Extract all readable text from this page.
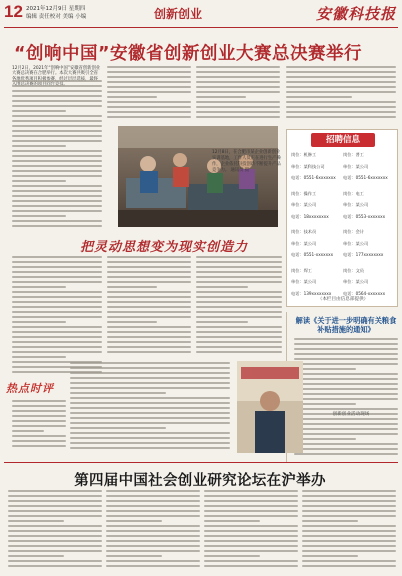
12 2021年12月9日 星期四
编辑 责任校对 美编 小编	创新创业	安徽科技报
“创响中国”安徽省创新创业大赛总决赛举行
12月2日，2021年“创响中国”安徽省创新创业大赛总决赛在合肥举行。本次大赛共吸引全省
12月8日，在合肥市某企业创新创业实训基地，工作人员正在进行生产操作，企业依托科技创新不断提升产品竞争力。 通讯员 摄
招聘信息
岗位：机修工	岗位：普工
单位：某科技公司	单位：某公司
电话：0551-6xxxxxxx 电话：0551-6xxxxxxx
岗位：操作工	岗位：电工
单位：某公司	单位：某公司
电话：18xxxxxxxx	电话：0553-xxxxxxx
岗位：技术员	岗位：会计
单位：某公司	单位：某公司
电话：0551-xxxxxxx 电话：177xxxxxxxx
岗位：焊工	岗位：文员
单位：某公司	单位：某公司
电话：139xxxxxxxx	电话：0564-xxxxxxx
（本栏目由信息部提供）
解读《关于进一步明确有关粮食补贴措施的通知》
把灵动思想变为现实创造力
热点时评
创新创业活动现场
第四届中国社会创业研究论坛在沪举办
